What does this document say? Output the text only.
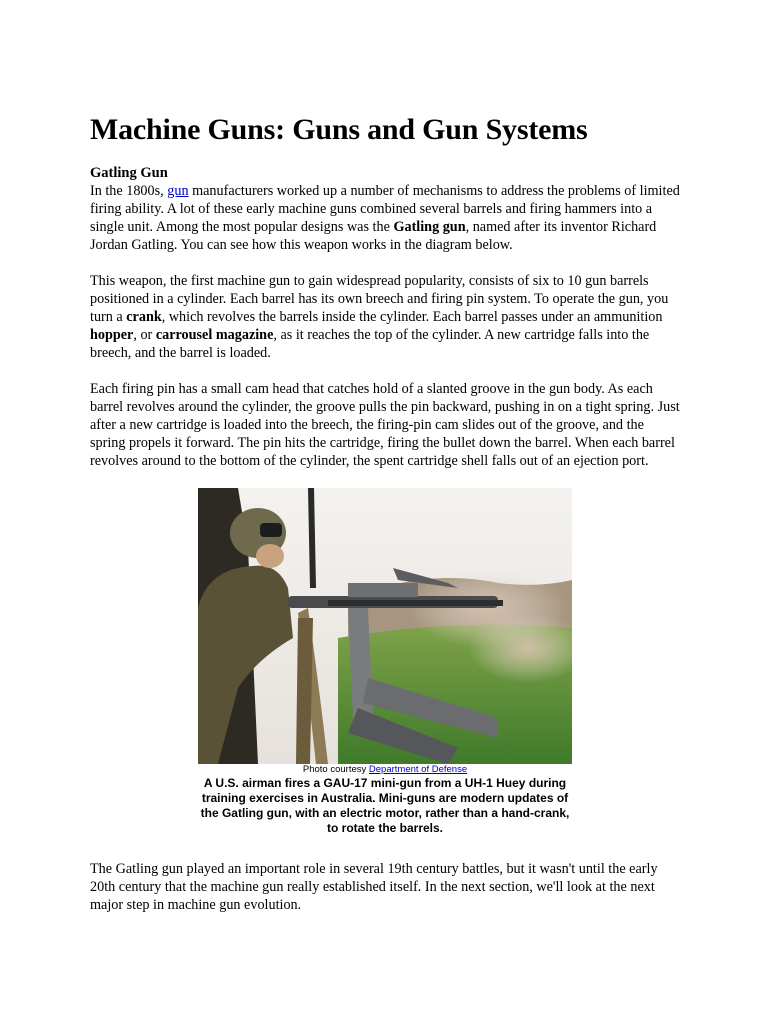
Machine Guns: Guns and Gun Systems
Gatling Gun

In the 1800s, gun manufacturers worked up a number of mechanisms to address the problems of limited firing ability. A lot of these early machine guns combined several barrels and firing hammers into a single unit. Among the most popular designs was the Gatling gun, named after its inventor Richard Jordan Gatling. You can see how this weapon works in the diagram below.

This weapon, the first machine gun to gain widespread popularity, consists of six to 10 gun barrels positioned in a cylinder. Each barrel has its own breech and firing pin system. To operate the gun, you turn a crank, which revolves the barrels inside the cylinder. Each barrel passes under an ammunition hopper, or carrousel magazine, as it reaches the top of the cylinder. A new cartridge falls into the breech, and the barrel is loaded.

Each firing pin has a small cam head that catches hold of a slanted groove in the gun body. As each barrel revolves around the cylinder, the groove pulls the pin backward, pushing in on a tight spring. Just after a new cartridge is loaded into the breech, the firing-pin cam slides out of the groove, and the spring propels it forward. The pin hits the cartridge, firing the bullet down the barrel. When each barrel revolves around to the bottom of the cylinder, the spent cartridge shell falls out of an ejection port.

Photo courtesy Department of Defense
A U.S. airman fires a GAU-17 mini-gun from a UH-1 Huey during training exercises in Australia. Mini-guns are modern updates of the Gatling gun, with an electric motor, rather than a hand-crank, to rotate the barrels.

The Gatling gun played an important role in several 19th century battles, but it wasn't until the early 20th century that the machine gun really established itself. In the next section, we'll look at the next major step in machine gun evolution.
